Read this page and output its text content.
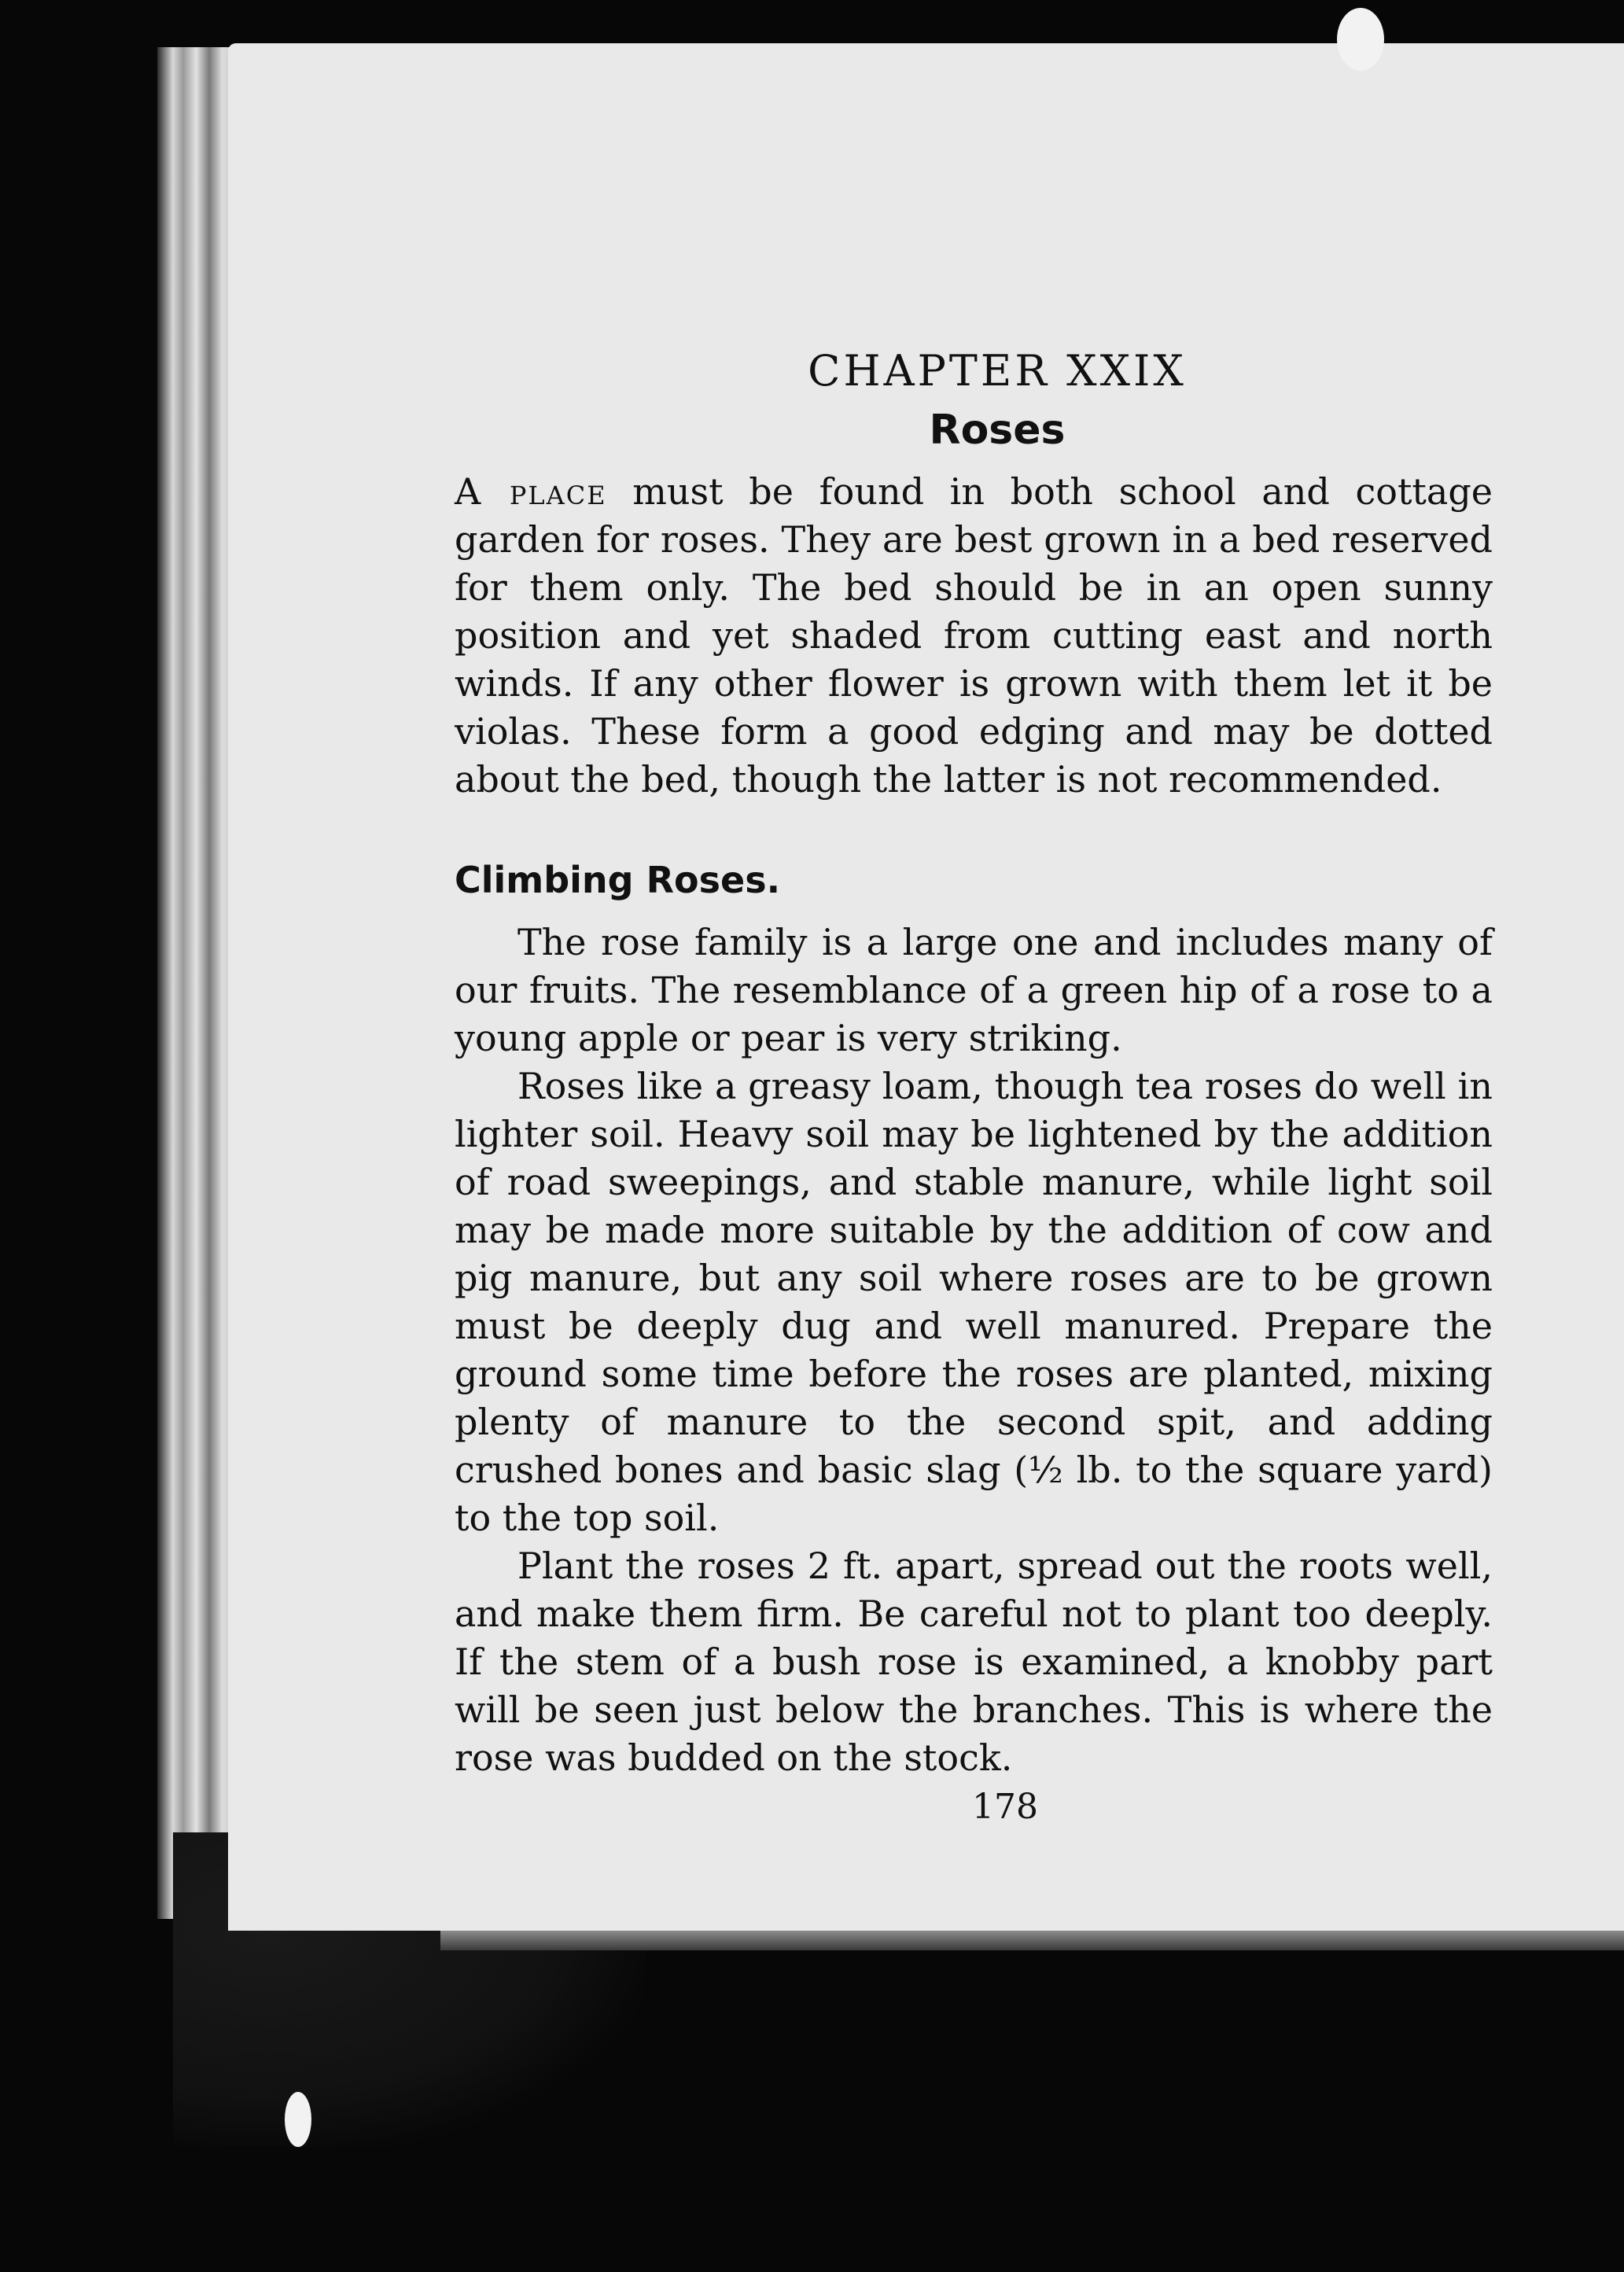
CHAPTER XXIX
Roses

A place must be found in both school and cottage garden for roses. They are best grown in a bed reserved for them only. The bed should be in an open sunny position and yet shaded from cutting east and north winds. If any other flower is grown with them let it be violas. These form a good edging and may be dotted about the bed, though the latter is not recommended.

Climbing Roses.

The rose family is a large one and includes many of our fruits. The resemblance of a green hip of a rose to a young apple or pear is very striking.

Roses like a greasy loam, though tea roses do well in lighter soil. Heavy soil may be lightened by the addition of road sweepings, and stable manure, while light soil may be made more suitable by the addition of cow and pig manure, but any soil where roses are to be grown must be deeply dug and well manured. Prepare the ground some time before the roses are planted, mixing plenty of manure to the second spit, and adding crushed bones and basic slag (½ lb. to the square yard) to the top soil.

Plant the roses 2 ft. apart, spread out the roots well, and make them firm. Be careful not to plant too deeply. If the stem of a bush rose is examined, a knobby part will be seen just below the branches. This is where the rose was budded on the stock.

178
